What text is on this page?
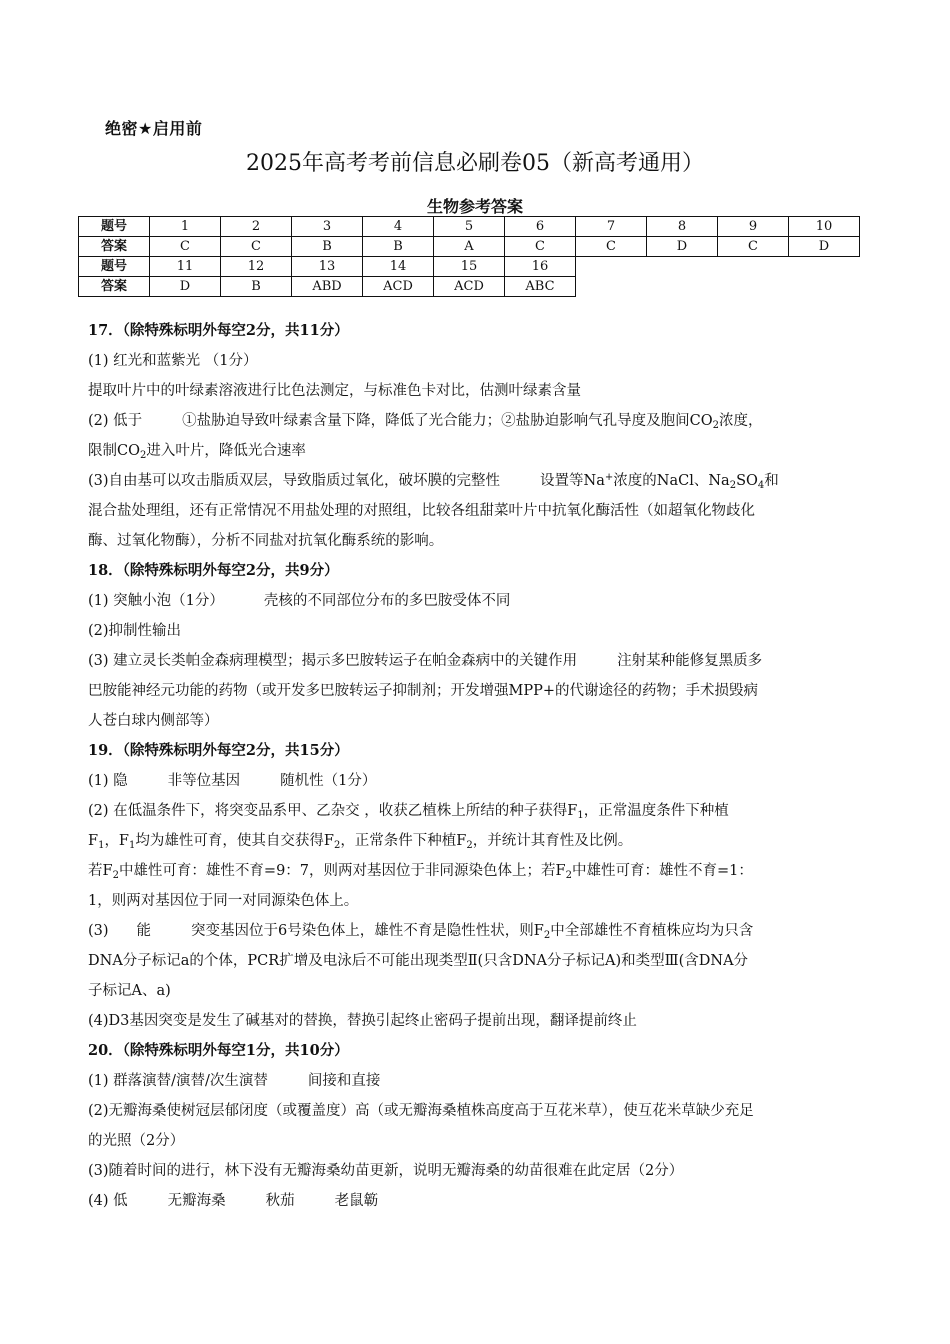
绝密★启用前
2025年高考考前信息必刷卷05（新高考通用）
生物参考答案
题号	1	2	3	4	5	6	7	8	9	10
答案	C	C	B	B	A	C	C	D	C	D
题号	11	12	13	14	15	16				
答案	D	B	ABD	ACD	ACD	ABC				

17．（除特殊标明外每空2分，共11分）

(1) 红光和蓝紫光 （1分）

提取叶片中的叶绿素溶液进行比色法测定，与标准色卡对比，估测叶绿素含量

(2) 低于	①盐胁迫导致叶绿素含量下降，降低了光合能力；②盐胁迫影响气孔导度及胞间$CO_2$浓度，

限制$CO_2$进入叶片，降低光合速率

(3)自由基可以攻击脂质双层，导致脂质过氧化，破坏膜的完整性	设置等Na+浓度的NaCl、$Na_2SO_4$和

混合盐处理组，还有正常情况不用盐处理的对照组，比较各组甜菜叶片中抗氧化酶活性（如超氧化物歧化

酶、过氧化物酶），分析不同盐对抗氧化酶系统的影响。

18．（除特殊标明外每空2分，共9分）

(1) 突触小泡（1分）	壳核的不同部位分布的多巴胺受体不同

(2)抑制性输出

(3) 建立灵长类帕金森病理模型；揭示多巴胺转运子在帕金森病中的关键作用	注射某种能修复黑质多

巴胺能神经元功能的药物（或开发多巴胺转运子抑制剂；开发增强MPP+的代谢途径的药物；手术损毁病

人苍白球内侧部等）

19．（除特殊标明外每空2分，共15分）

(1) 隐	非等位基因	随机性（1分）

(2) 在低温条件下，将突变品系甲、乙杂交 ，收获乙植株上所结的种子获得$F_1$，正常温度条件下种植

$F_1$，$F_1$均为雄性可育，使其自交获得$F_2$，正常条件下种植$F_2$，并统计其育性及比例。

若$F_2$中雄性可育：雄性不育=9：7，则两对基因位于非同源染色体上；若$F_2$中雄性可育：雄性不育=1：

1，则两对基因位于同一对同源染色体上。

(3) 能	突变基因位于6号染色体上，雄性不育是隐性性状，则$F_2$中全部雄性不育植株应均为只含

DNA分子标记a的个体，PCR扩增及电泳后不可能出现类型Ⅱ(只含DNA分子标记A)和类型Ⅲ(含DNA分

子标记A、a)

(4)D3基因突变是发生了碱基对的替换，替换引起终止密码子提前出现，翻译提前终止

20．（除特殊标明外每空1分，共10分）

(1) 群落演替/演替/次生演替	间接和直接

(2)无瓣海桑使树冠层郁闭度（或覆盖度）高（或无瓣海桑植株高度高于互花米草），使互花米草缺少充足

的光照（2分）

(3)随着时间的进行，林下没有无瓣海桑幼苗更新，说明无瓣海桑的幼苗很难在此定居（2分）

(4) 低	无瓣海桑	秋茄	老鼠簕
